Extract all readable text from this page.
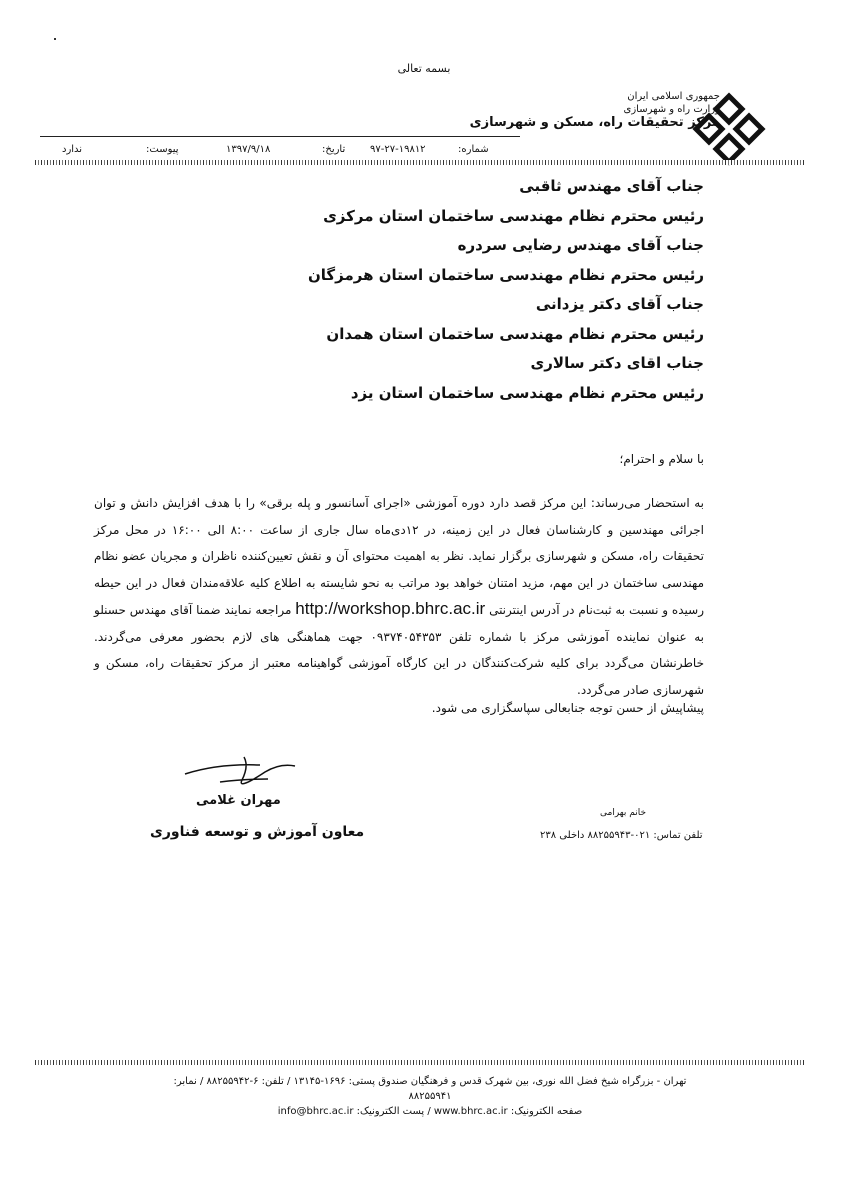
بسمه تعالی
جمهوری اسلامی ایران
وزارت راه و شهرسازی
مرکز تحقیقات راه، مسکن و شهرسازی
شماره:
۹۷-۲۷-۱۹۸۱۲
تاریخ:
۱۳۹۷/۹/۱۸
پیوست:
ندارد
جناب آقای مهندس ثاقبی
رئیس محترم نظام مهندسی ساختمان استان مرکزی
جناب آقای مهندس رضایی سردره
رئیس محترم نظام مهندسی ساختمان استان هرمزگان
جناب آقای دکتر یزدانی
رئیس محترم نظام مهندسی ساختمان استان همدان
جناب اقای دکتر سالاری
رئیس محترم نظام مهندسی ساختمان استان یزد
با سلام و احترام؛
به استحضار می‌رساند: این مرکز قصد دارد دوره آموزشی «اجرای آسانسور و پله برقی» را با هدف افزایش دانش و توان اجرائی مهندسین و کارشناسان فعال در این زمینه، در ۱۲دی‌ماه سال جاری از ساعت ۸:۰۰ الی ۱۶:۰۰ در محل مرکز تحقیقات راه، مسکن و شهرسازی برگزار نماید. نظر به اهمیت محتوای آن و نقش تعیین‌کننده ناظران و مجریان عضو نظام مهندسی ساختمان در این مهم، مزید امتنان خواهد بود مراتب به نحو شایسته به اطلاع کلیه علاقه‌مندان فعال در این حیطه رسیده و نسبت به ثبت‌نام در آدرس اینترنتی http://workshop.bhrc.ac.ir مراجعه نمایند ضمنا آقای مهندس حسنلو به عنوان نماینده آموزشی مرکز با شماره تلفن ۰۹۳۷۴۰۵۴۳۵۳ جهت هماهنگی های لازم بحضور معرفی می‌گردند. خاطرنشان می‌گردد برای کلیه شرکت‌کنندگان در این کارگاه آموزشی گواهینامه معتبر از مرکز تحقیقات راه، مسکن و شهرسازی صادر می‌گردد.
پیشاپیش از حسن توجه جنابعالی سپاسگزاری می شود.
مهران غلامی
معاون آموزش و توسعه فناوری
خانم بهرامی
تلفن تماس: ۰۲۱-۸۸۲۵۵۹۴۳ داخلی ۲۳۸
تهران - بزرگراه شیخ فضل الله نوری، بین شهرک قدس و فرهنگیان صندوق پستی: ۱۶۹۶-۱۳۱۴۵ / تلفن: ۶-۸۸۲۵۵۹۴۲ / نمابر: ۸۸۲۵۵۹۴۱
صفحه الکترونیک: www.bhrc.ac.ir / پست الکترونیک: info@bhrc.ac.ir
